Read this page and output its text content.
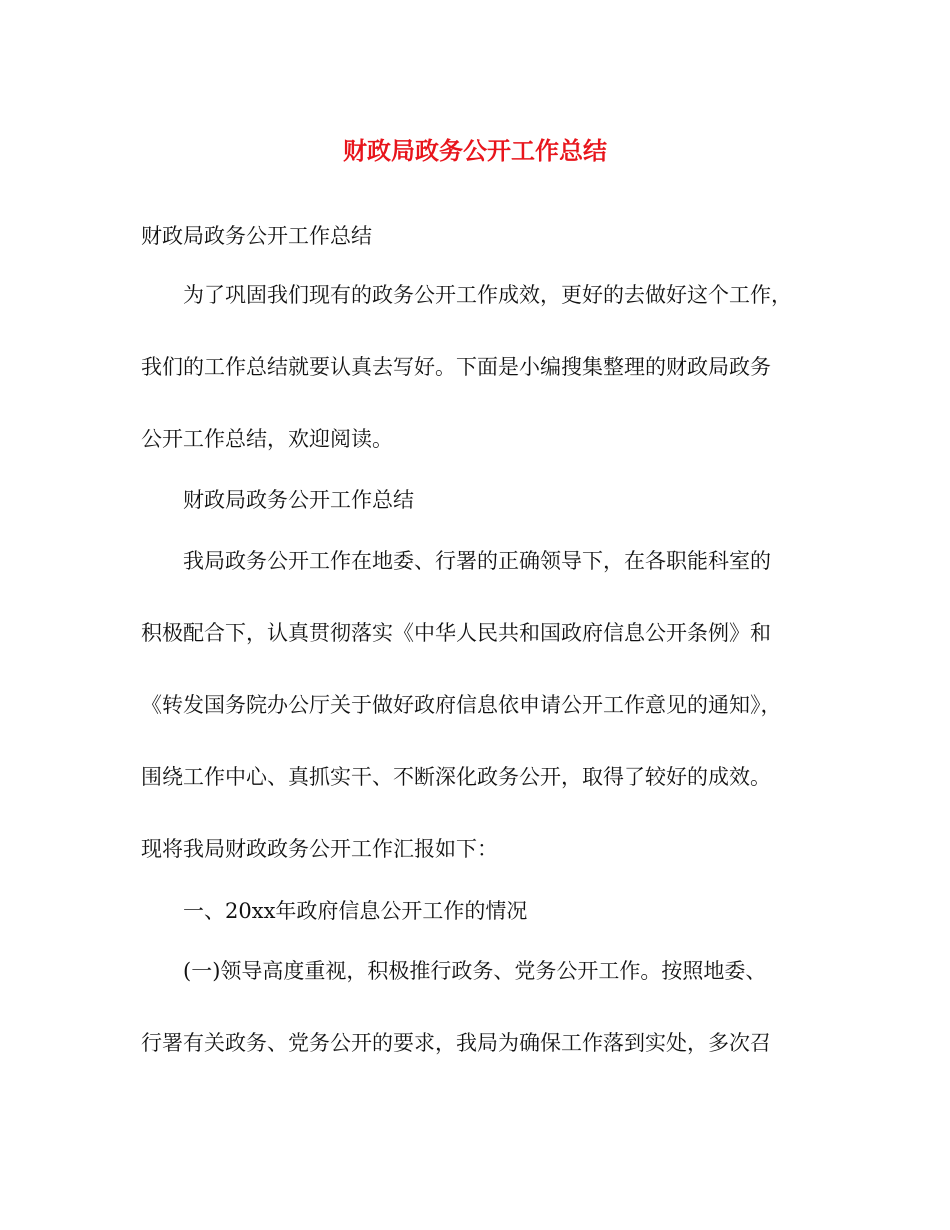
财政局政务公开工作总结

财政局政务公开工作总结

为了巩固我们现有的政务公开工作成效，更好的去做好这个工作，

我们的工作总结就要认真去写好。下面是小编搜集整理的财政局政务

公开工作总结，欢迎阅读。

财政局政务公开工作总结

我局政务公开工作在地委、行署的正确领导下，在各职能科室的

积极配合下，认真贯彻落实《中华人民共和国政府信息公开条例》和

《转发国务院办公厅关于做好政府信息依申请公开工作意见的通知》，

围绕工作中心、真抓实干、不断深化政务公开，取得了较好的成效。

现将我局财政政务公开工作汇报如下：

一、20xx年政府信息公开工作的情况

(一)领导高度重视，积极推行政务、党务公开工作。按照地委、

行署有关政务、党务公开的要求，我局为确保工作落到实处，多次召
